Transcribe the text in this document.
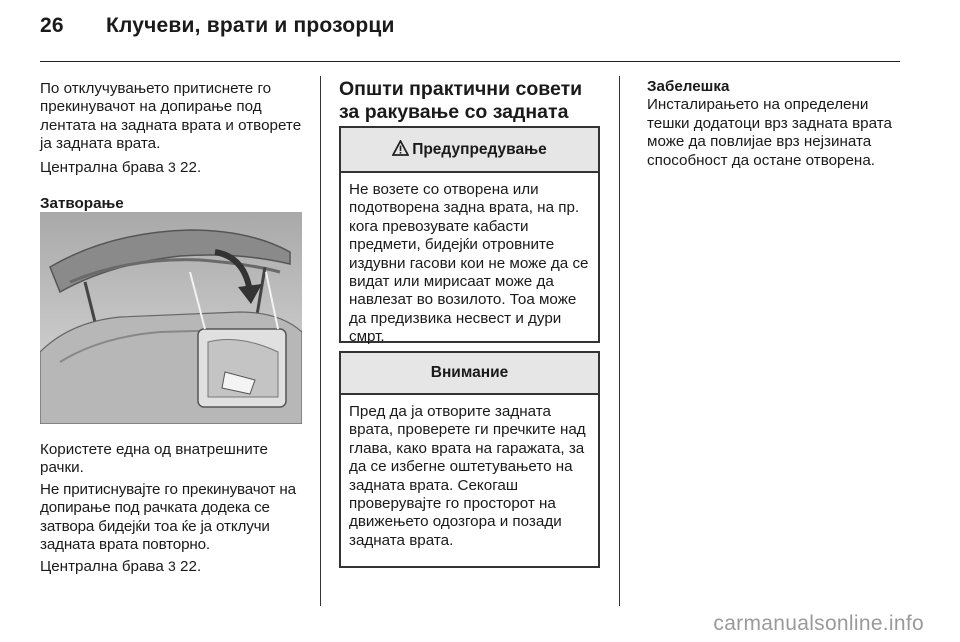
26 Клучеви, врати и прозорци

По отклучувањето притиснете го прекинувачот на допирање под лентата на задната врата и отворете ја задната врата.

Централна брава 3 22.

Затворање

Користете една од внатрешните рачки.

Не притиснувајте го прекинувачот на допирање под рачката додека се затвора бидејќи тоа ќе ја отклучи задната врата повторно.

Централна брава 3 22.

Општи практични совети за ракување со задната
Предупредување
Не возете со отворена или подотворена задна врата, на пр. кога превозувате кабасти предмети, бидејќи отровните издувни гасови кои не може да се видат или мирисаат може да навлезат во возилото. Тоа може да предизвика несвест и дури смрт.
Внимание
Пред да ја отворите задната врата, проверете ги пречките над глава, како врата на гаражата, за да се избегне оштетувањето на задната врата. Секогаш проверувајте го просторот на движењето одозгора и позади задната врата.

Забелешка

Инсталирањето на определени тешки додатоци врз задната врата може да повлијае врз нејзината способност да остане отворена.

carmanualsonline.info
